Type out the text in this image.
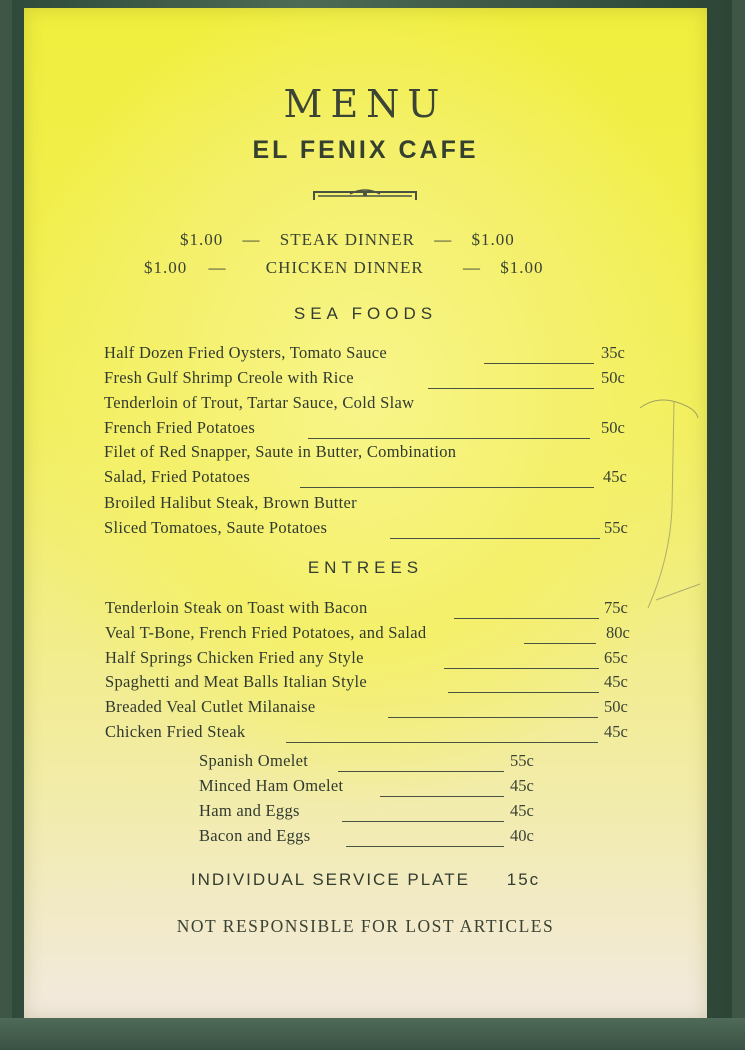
MENU
EL FENIX CAFE
$1.00 — STEAK DINNER — $1.00
$1.00 — CHICKEN DINNER — $1.00
SEA FOODS
Half Dozen Fried Oysters, Tomato Sauce	35c
Fresh Gulf Shrimp Creole with Rice	50c
Tenderloin of Trout, Tartar Sauce, Cold Slaw
French Fried Potatoes	50c
Filet of Red Snapper, Saute in Butter, Combination
Salad, Fried Potatoes	45c
Broiled Halibut Steak, Brown Butter
Sliced Tomatoes, Saute Potatoes	55c
ENTREES
Tenderloin Steak on Toast with Bacon	75c
Veal T-Bone, French Fried Potatoes, and Salad	80c
Half Springs Chicken Fried any Style	65c
Spaghetti and Meat Balls Italian Style	45c
Breaded Veal Cutlet Milanaise	50c
Chicken Fried Steak	45c
Spanish Omelet	55c
Minced Ham Omelet	45c
Ham and Eggs	45c
Bacon and Eggs	40c
INDIVIDUAL SERVICE PLATE 15c
NOT RESPONSIBLE FOR LOST ARTICLES
